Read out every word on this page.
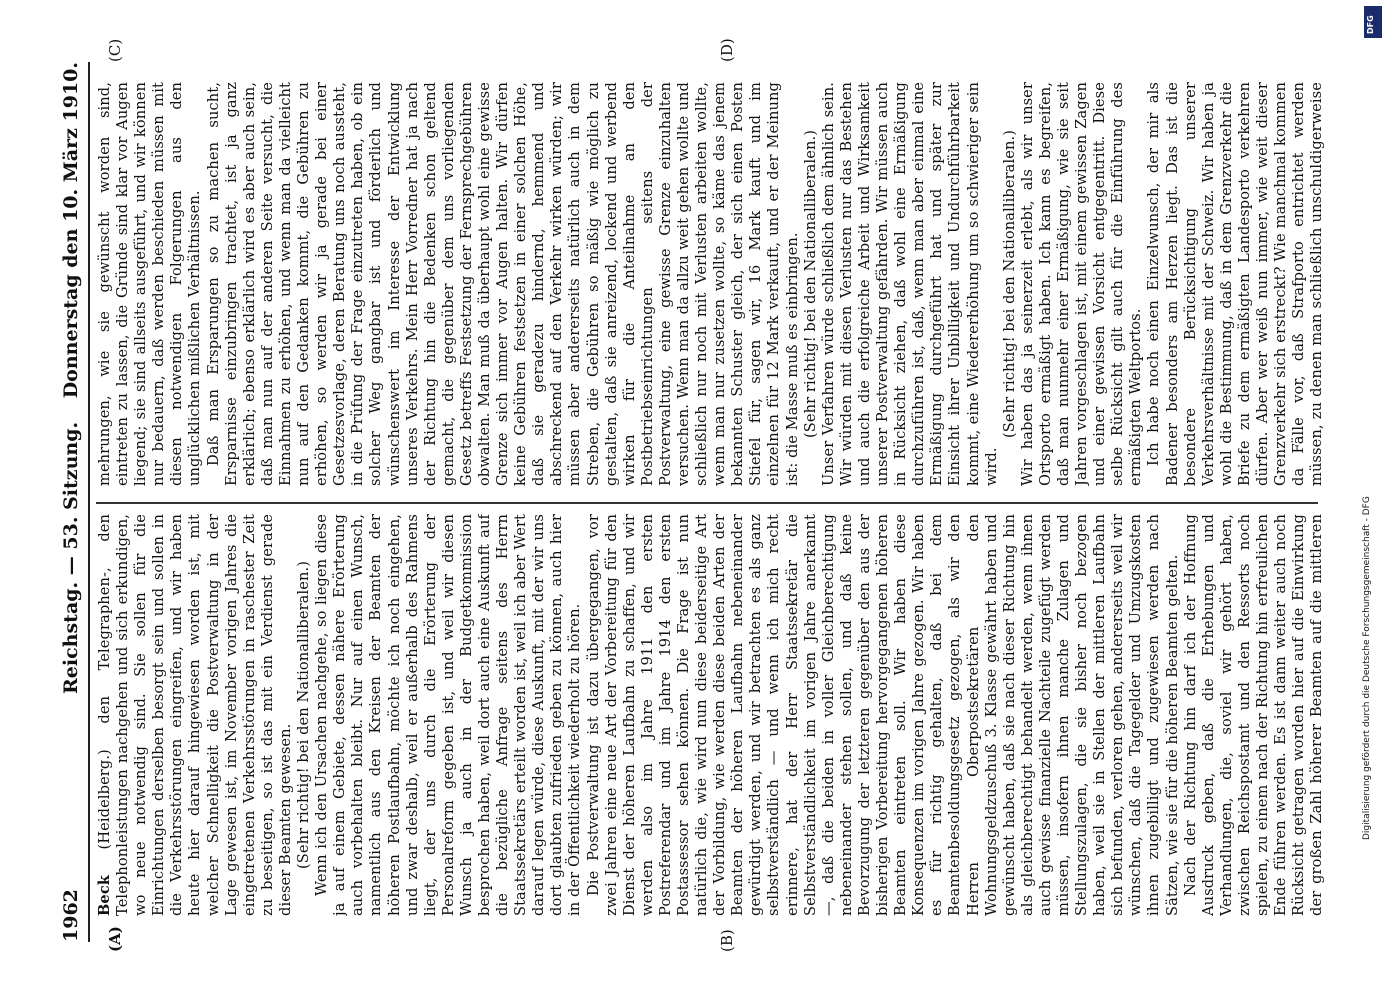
1962
Reichstag. — 53. Sitzung.
Donnerstag den 10. März 1910.
(A)	(B)
(C)	(D)

Beck (Heidelberg.) den Telegraphen-, den Telephonleistungen nachgehen und sich erkundigen, wo neue notwendig sind. Sie sollen für die Einrichtungen derselben besorgt sein und sollen in die Verkehrsstörungen eingreifen, und wir haben heute hier darauf hingewiesen worden ist, mit welcher Schnelligkeit die Postverwaltung in der Lage gewesen ist, im November vorigen Jahres die eingetretenen Verkehrsstörungen in raschester Zeit zu beseitigen, so ist das mit ein Verdienst gerade dieser Beamten gewesen. (Sehr richtig! bei den Nationalliberalen.) Wenn ich den Ursachen nachgehe, so liegen diese ja auf einem Gebiete, dessen nähere Erörterung auch vorbehalten bleibt. Nur auf einen Wunsch, namentlich aus den Kreisen der Beamten der höheren Postlaufbahn, möchte ich noch eingehen, und zwar deshalb, weil er außerhalb des Rahmens liegt, der uns durch die Erörterung der Personalreform gegeben ist, und weil wir diesen Wunsch ja auch in der Budgetkommission besprochen haben, weil dort auch eine Auskunft auf die bezügliche Anfrage seitens des Herrn Staatssekretärs erteilt worden ist, weil ich aber Wert darauf legen würde, diese Auskunft, mit der wir uns dort glaubten zufrieden geben zu können, auch hier in der Öffentlichkeit wiederholt zu hören. Die Postverwaltung ist dazu übergegangen, vor zwei Jahren eine neue Art der Vorbereitung für den Dienst der höheren Laufbahn zu schaffen, und wir werden also im Jahre 1911 den ersten Postreferendar und im Jahre 1914 den ersten Postassessor sehen können. Die Frage ist nun natürlich die, wie wird nun diese beiderseitige Art der Vorbildung, wie werden diese beiden Arten der Beamten der höheren Laufbahn nebeneinander gewürdigt werden, und wir betrachten es als ganz selbstverständlich — und wenn ich mich recht erinnere, hat der Herr Staatssekretär die Selbstverständlichkeit im vorigen Jahre anerkannt —, daß die beiden in voller Gleichberechtigung nebeneinander stehen sollen, und daß keine Bevorzugung der letzteren gegenüber den aus der bisherigen Vorbereitung hervorgegangenen höheren Beamten eintreten soll. Wir haben diese Konsequenzen im vorigen Jahre gezogen. Wir haben es für richtig gehalten, daß bei dem Beamtenbesoldungsgesetz gezogen, als wir den Herren Oberpostsekretären den Wohnungsgeldzuschuß 3. Klasse gewährt haben und gewünscht haben, daß sie nach dieser Richtung hin als gleichberechtigt behandelt werden, wenn ihnen auch gewisse finanzielle Nachteile zugefügt werden müssen, insofern ihnen manche Zulagen und Stellungszulagen, die sie bisher noch bezogen haben, weil sie in Stellen der mittleren Laufbahn sich befunden, verloren gehen, andererseits weil wir wünschen, daß die Tagegelder und Umzugskosten ihnen zugebilligt und zugewiesen werden nach Sätzen, wie sie für die höheren Beamten gelten. Nach der Richtung hin darf ich der Hoffnung Ausdruck geben, daß die Erhebungen und Verhandlungen, die, soviel wir gehört haben, zwischen Reichspostamt und den Ressorts noch spielen, zu einem nach der Richtung hin erfreulichen Ende führen werden. Es ist dann weiter auch noch Rücksicht getragen worden hier auf die Einwirkung der großen Zahl höherer Beamten auf die mittleren

mehrungen, wie sie gewünscht worden sind, eintreten zu lassen, die Gründe sind klar vor Augen liegend; sie sind allseits ausgeführt, und wir können nur bedauern, daß werden beschieden müssen mit diesen notwendigen Folgerungen aus den unglücklichen mißlichen Verhältnissen. Daß man Ersparungen so zu machen sucht, Ersparnisse einzubringen trachtet, ist ja ganz erklärlich; ebenso erklärlich wird es aber auch sein, daß man nun auf der anderen Seite versucht, die Einnahmen zu erhöhen, und wenn man da vielleicht nun auf den Gedanken kommt, die Gebühren zu erhöhen, so werden wir ja gerade bei einer Gesetzesvorlage, deren Beratung uns noch aussteht, in die Prüfung der Frage einzutreten haben, ob ein solcher Weg gangbar ist und förderlich und wünschenswert im Interesse der Entwicklung unseres Verkehrs. Mein Herr Vorredner hat ja nach der Richtung hin die Bedenken schon geltend gemacht, die gegenüber dem uns vorliegenden Gesetz betreffs Festsetzung der Fernsprechgebühren obwalten. Man muß da überhaupt wohl eine gewisse Grenze sich immer vor Augen halten. Wir dürfen keine Gebühren festsetzen in einer solchen Höhe, daß sie geradezu hindernd, hemmend und abschreckend auf den Verkehr wirken würden; wir müssen aber andererseits natürlich auch in dem Streben, die Gebühren so mäßig wie möglich zu gestalten, daß sie anreizend, lockend und werbend wirken für die Anteilnahme an den Postbetriebseinrichtungen seitens der Postverwaltung, eine gewisse Grenze einzuhalten versuchen. Wenn man da allzu weit gehen wollte und schließlich nur noch mit Verlusten arbeiten wollte, wenn man nur zusetzen wollte, so käme das jenem bekannten Schuster gleich, der sich einen Posten Stiefel für, sagen wir, 16 Mark kauft und im einzelnen für 12 Mark verkauft, und er der Meinung ist: die Masse muß es einbringen. (Sehr richtig! bei den Nationalliberalen.) Unser Verfahren würde schließlich dem ähnlich sein. Wir würden mit diesen Verlusten nur das Bestehen und auch die erfolgreiche Arbeit und Wirksamkeit unserer Postverwaltung gefährden. Wir müssen auch in Rücksicht ziehen, daß wohl eine Ermäßigung durchzuführen ist, daß, wenn man aber einmal eine Ermäßigung durchgeführt hat und später zur Einsicht ihrer Unbilligkeit und Undurchführbarkeit kommt, eine Wiedererhöhung um so schwieriger sein wird.

(Sehr richtig! bei den Nationalliberalen.) Wir haben das ja seinerzeit erlebt, als wir unser Ortsporto ermäßigt haben. Ich kann es begreifen, daß man nunmehr einer Ermäßigung, wie sie seit Jahren vorgeschlagen ist, mit einem gewissen Zagen und einer gewissen Vorsicht entgegentritt. Diese selbe Rücksicht gilt auch für die Einführung des ermäßigten Weltportos. Ich habe noch einen Einzelwunsch, der mir als Badener besonders am Herzen liegt. Das ist die besondere Berücksichtigung unserer Verkehrsverhältnisse mit der Schweiz. Wir haben ja wohl die Bestimmung, daß in dem Grenzverkehr die Briefe zu dem ermäßigten Landesporto verkehren dürfen. Aber wer weiß nun immer, wie weit dieser Grenzverkehr sich erstreckt? Wie manchmal kommen da Fälle vor, daß Strafporto entrichtet werden müssen, zu denen man schließlich unschuldigerweise

Digitalisierung gefördert durch die Deutsche Forschungsgemeinschaft - DFG
DFG
